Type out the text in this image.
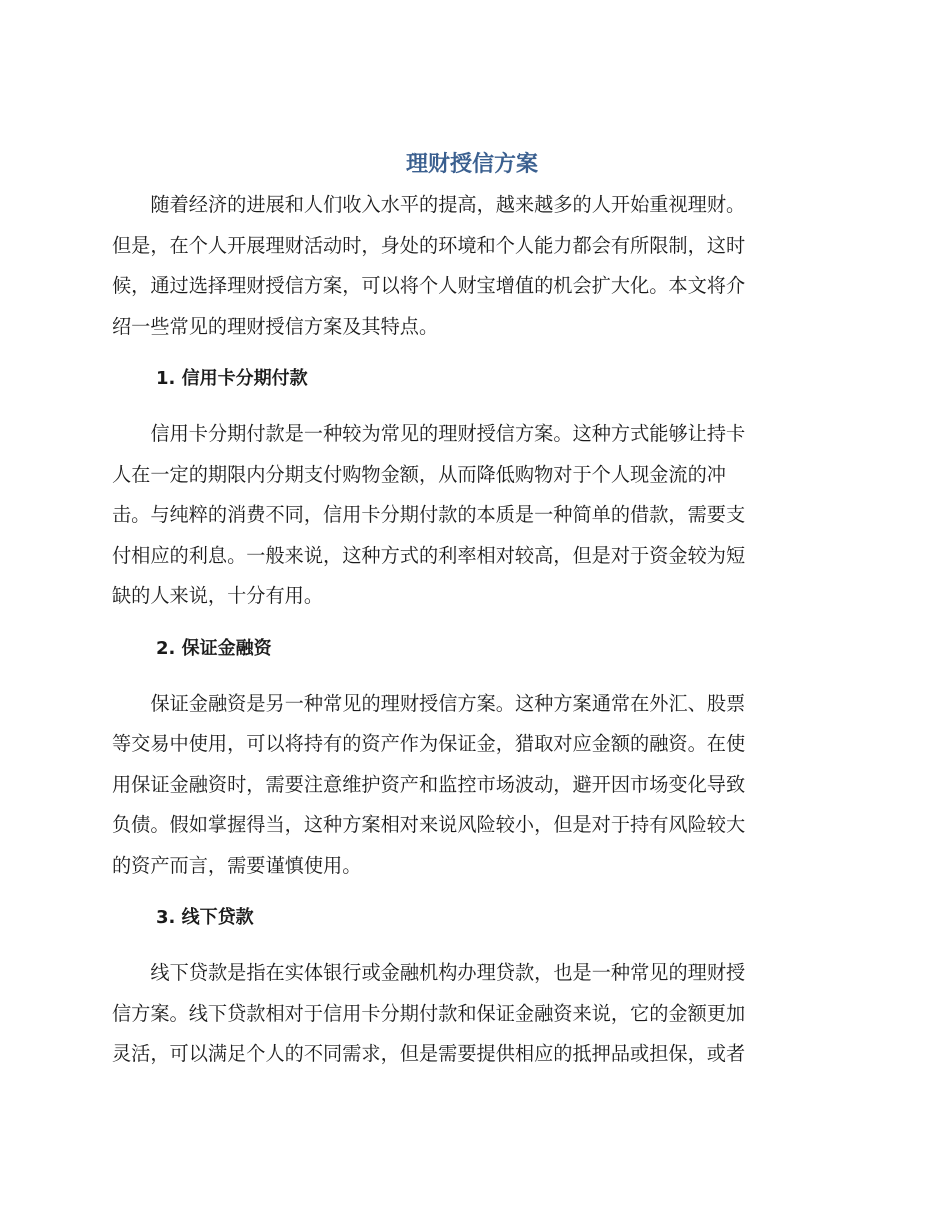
理财授信方案
随着经济的进展和人们收入水平的提高，越来越多的人开始重视理财。
但是，在个人开展理财活动时，身处的环境和个人能力都会有所限制，这时
候，通过选择理财授信方案，可以将个人财宝增值的机会扩大化。本文将介
绍一些常见的理财授信方案及其特点。
1. 信用卡分期付款
信用卡分期付款是一种较为常见的理财授信方案。这种方式能够让持卡
人在一定的期限内分期支付购物金额，从而降低购物对于个人现金流的冲
击。与纯粹的消费不同，信用卡分期付款的本质是一种简单的借款，需要支
付相应的利息。一般来说，这种方式的利率相对较高，但是对于资金较为短
缺的人来说，十分有用。
2. 保证金融资
保证金融资是另一种常见的理财授信方案。这种方案通常在外汇、股票
等交易中使用，可以将持有的资产作为保证金，猎取对应金额的融资。在使
用保证金融资时，需要注意维护资产和监控市场波动，避开因市场变化导致
负债。假如掌握得当，这种方案相对来说风险较小，但是对于持有风险较大
的资产而言，需要谨慎使用。
3. 线下贷款
线下贷款是指在实体银行或金融机构办理贷款，也是一种常见的理财授
信方案。线下贷款相对于信用卡分期付款和保证金融资来说，它的金额更加
灵活，可以满足个人的不同需求，但是需要提供相应的抵押品或担保，或者
